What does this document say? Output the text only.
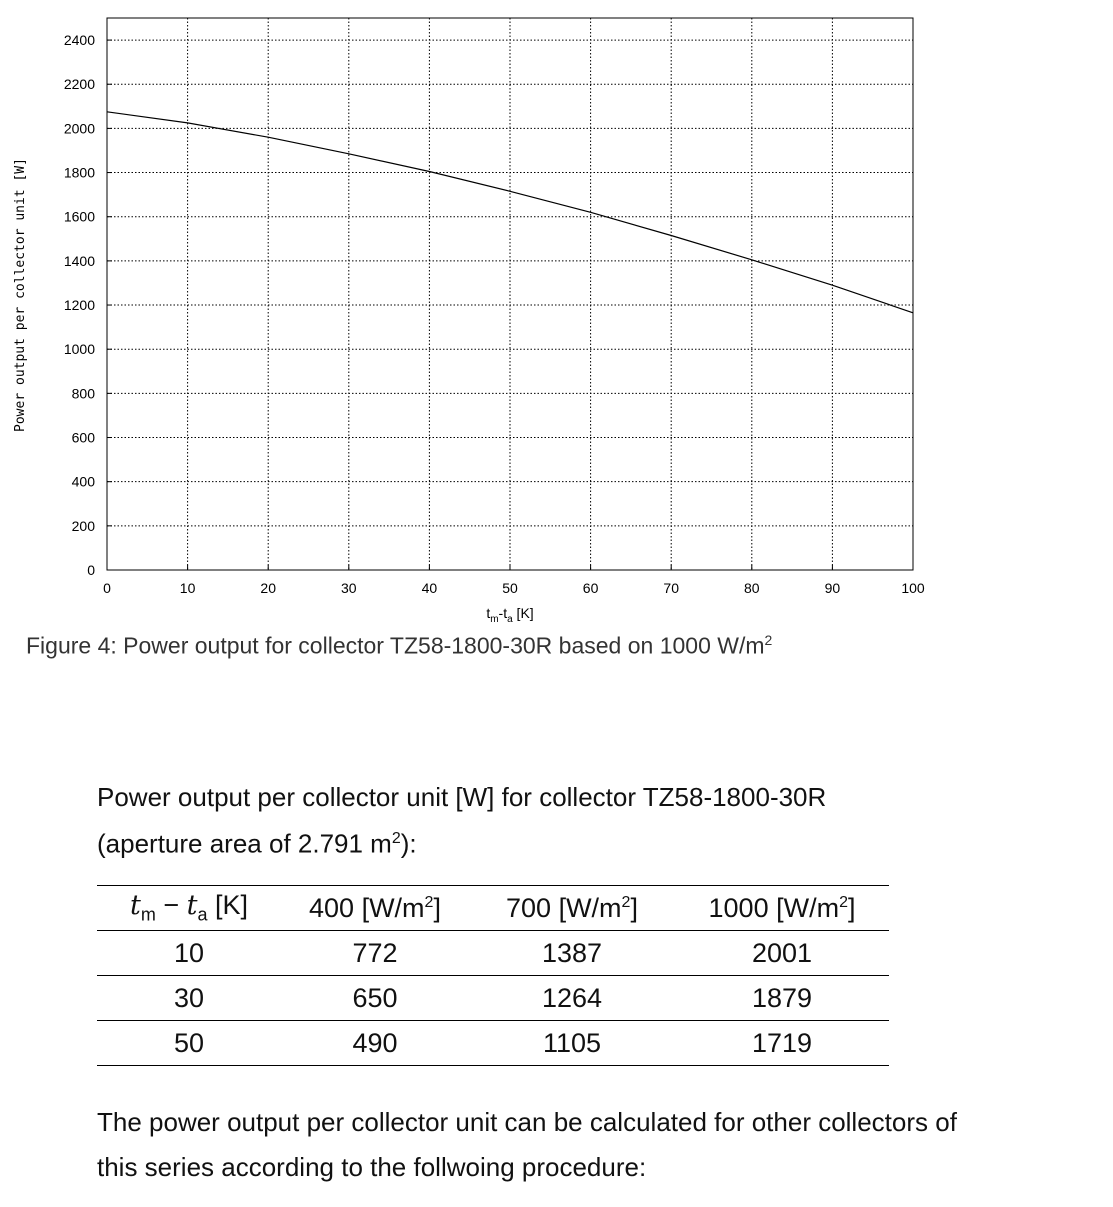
0
200
400
600
800
1000
1200
1400
1600
1800
2000
2200
2400
0	10	20	30	40	50	60	70	80	90	100
Power output per collector unit [W]
$t_m-t_a$ [K]
Figure 4: Power output for collector TZ58-1800-30R based on 1000 $W/m^2$
Power output per collector unit [W] for collector TZ58-1800-30R
(aperture area of 2.791 $m^2$):
$t_m - t_a$ [K]	400 $[W/m^2]$	700 $[W/m^2]$	1000 $[W/m^2]$
10	772	1387	2001
30	650	1264	1879
50	490	1105	1719
The power output per collector unit can be calculated for other collectors of
this series according to the follwoing procedure:
